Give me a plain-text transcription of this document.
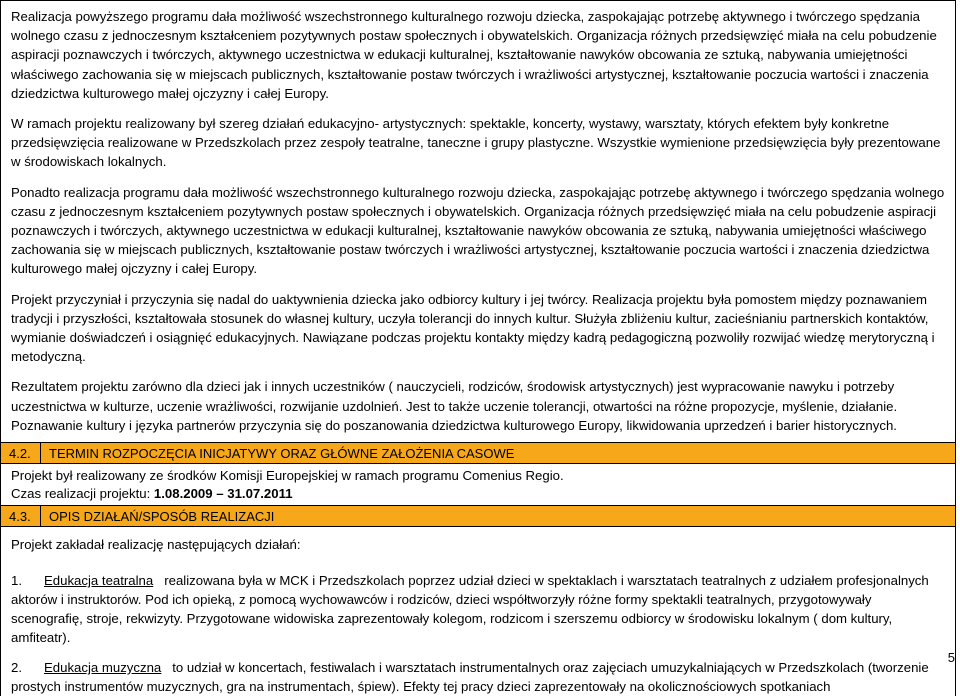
Realizacja powyższego programu dała możliwość wszechstronnego kulturalnego rozwoju dziecka, zaspokajając potrzebę aktywnego i twórczego spędzania wolnego czasu z jednoczesnym kształceniem pozytywnych postaw społecznych i obywatelskich. Organizacja różnych przedsięwzięć miała na celu pobudzenie aspiracji poznawczych i twórczych, aktywnego uczestnictwa w edukacji kulturalnej, kształtowanie nawyków obcowania ze sztuką, nabywania umiejętności właściwego zachowania się w miejscach publicznych, kształtowanie postaw twórczych i wrażliwości artystycznej, kształtowanie poczucia wartości i znaczenia dziedzictwa kulturowego małej ojczyzny i całej Europy.

W ramach projektu realizowany był szereg działań edukacyjno- artystycznych: spektakle, koncerty, wystawy, warsztaty, których efektem były konkretne przedsięwzięcia realizowane w Przedszkolach przez zespoły teatralne, taneczne i grupy plastyczne. Wszystkie wymienione przedsięwzięcia były prezentowane w środowiskach lokalnych.

Ponadto realizacja programu dała możliwość wszechstronnego kulturalnego rozwoju dziecka, zaspokajając potrzebę aktywnego i twórczego spędzania wolnego czasu z jednoczesnym kształceniem pozytywnych postaw społecznych i obywatelskich. Organizacja różnych przedsięwzięć miała na celu pobudzenie aspiracji poznawczych i twórczych, aktywnego uczestnictwa w edukacji kulturalnej, kształtowanie nawyków obcowania ze sztuką, nabywania umiejętności właściwego zachowania się w miejscach publicznych, kształtowanie postaw twórczych i wrażliwości artystycznej, kształtowanie poczucia wartości i znaczenia dziedzictwa kulturowego małej ojczyzny i całej Europy.

Projekt przyczyniał i przyczynia się nadal do uaktywnienia dziecka jako odbiorcy kultury i jej twórcy. Realizacja projektu była pomostem między poznawaniem tradycji i przyszłości, kształtowała stosunek do własnej kultury, uczyła tolerancji do innych kultur. Służyła zbliżeniu kultur, zacieśnianiu partnerskich kontaktów, wymianie doświadczeń i osiągnięć edukacyjnych. Nawiązane podczas projektu kontakty między kadrą pedagogiczną pozwoliły rozwijać wiedzę merytoryczną i metodyczną.

Rezultatem projektu zarówno dla dzieci jak i innych uczestników ( nauczycieli, rodziców, środowisk artystycznych) jest wypracowanie nawyku i potrzeby uczestnictwa w kulturze, uczenie wrażliwości, rozwijanie uzdolnień. Jest to także uczenie tolerancji, otwartości na różne propozycje, myślenie, działanie. Poznawanie kultury i języka partnerów przyczynia się do poszanowania dziedzictwa kulturowego Europy, likwidowania uprzedzeń i barier historycznych.

4.2.	TERMIN ROZPOCZĘCIA INICJATYWY ORAZ GŁÓWNE ZAŁOŻENIA CASOWE
Projekt był realizowany ze środków Komisji Europejskiej w ramach programu Comenius Regio.
Czas realizacji projektu: 1.08.2009 – 31.07.2011
4.3.	OPIS DZIAŁAŃ/SPOSÓB REALIZACJI

Projekt zakładał realizację następujących działań:

1. Edukacja teatralna realizowana była w MCK i Przedszkolach poprzez udział dzieci w spektaklach i warsztatach teatralnych z udziałem profesjonalnych aktorów i instruktorów. Pod ich opieką, z pomocą wychowawców i rodziców, dzieci współtworzyły różne formy spektakli teatralnych, przygotowywały scenografię, stroje, rekwizyty. Przygotowane widowiska zaprezentowały kolegom, rodzicom i szerszemu odbiorcy w środowisku lokalnym ( dom kultury, amfiteatr).

2. Edukacja muzyczna to udział w koncertach, festiwalach i warsztatach instrumentalnych oraz zajęciach umuzykalniających w Przedszkolach (tworzenie prostych instrumentów muzycznych, gra na instrumentach, śpiew). Efekty tej pracy dzieci zaprezentowały na okolicznościowych spotkaniach

5
